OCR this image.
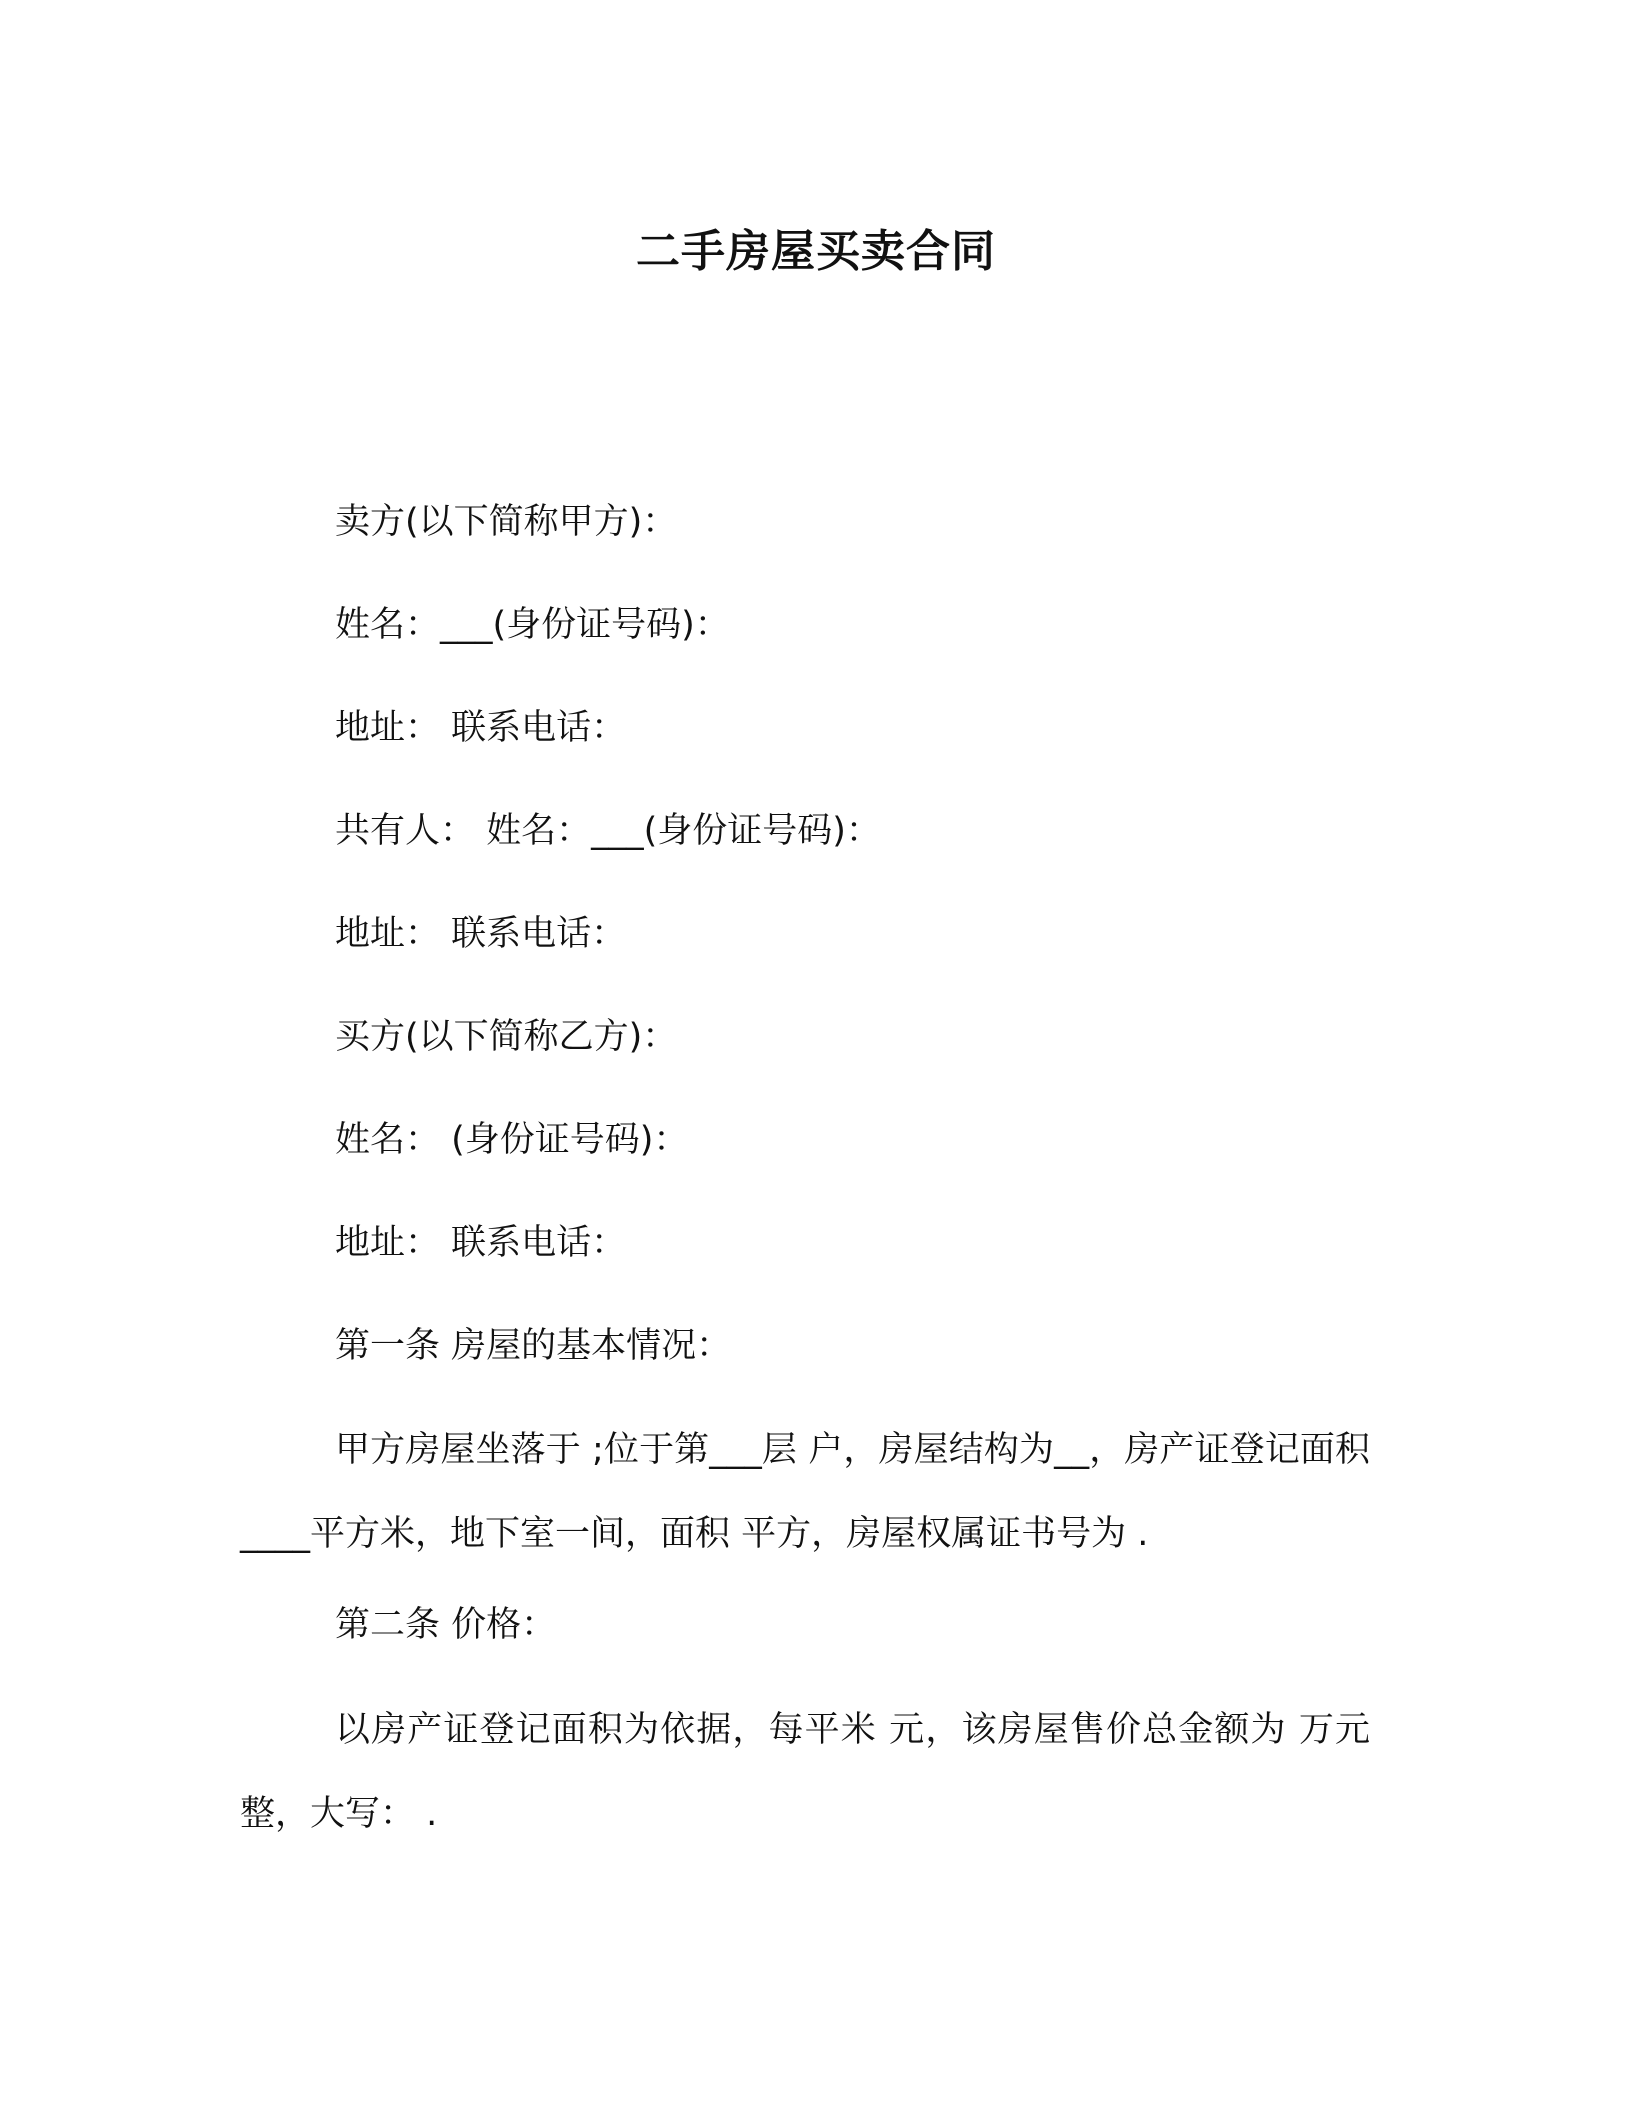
二手房屋买卖合同
卖方(以下简称甲方)：
姓名：___(身份证号码)：
地址： 联系电话：
共有人： 姓名：___(身份证号码)：
地址： 联系电话：
买方(以下简称乙方)：
姓名： (身份证号码)：
地址： 联系电话：
第一条 房屋的基本情况：
甲方房屋坐落于 ;位于第___层 户，房屋结构为__，房产证登记面积____平方米，地下室一间，面积 平方，房屋权属证书号为 .
第二条 价格：
以房产证登记面积为依据，每平米 元，该房屋售价总金额为 万元整，大写： .
